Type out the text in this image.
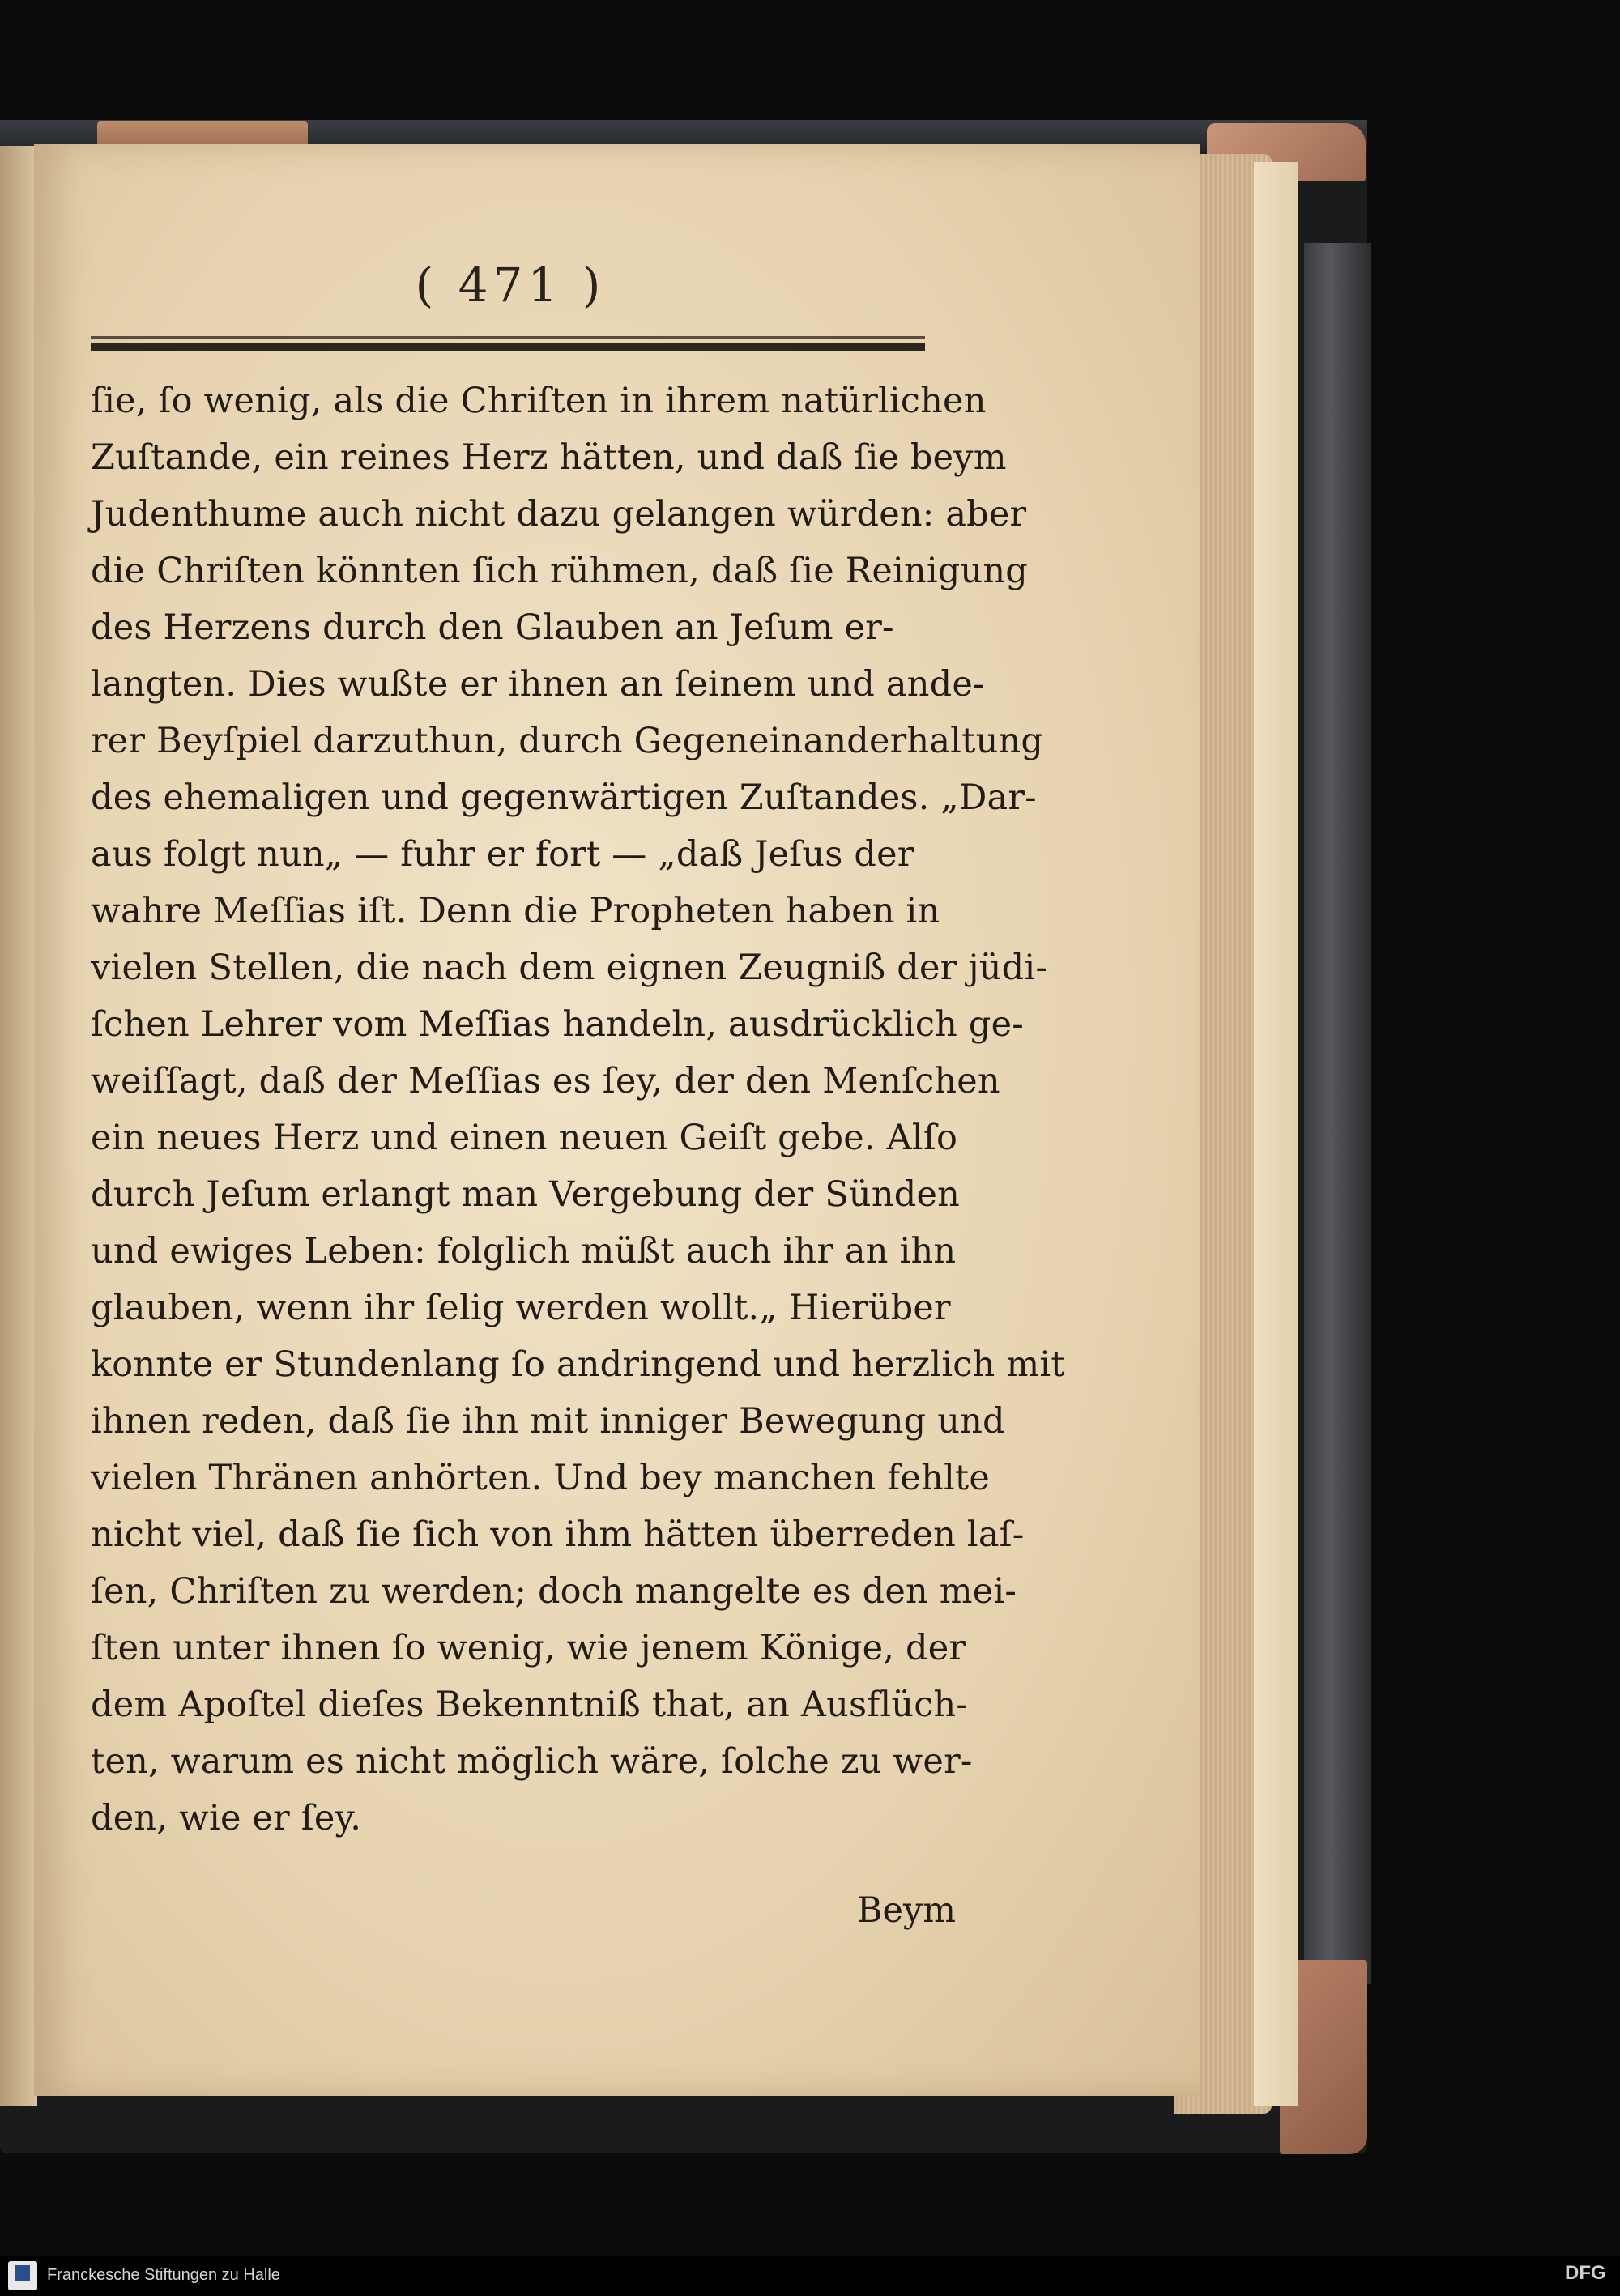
( 471 )
ſie, ſo wenig, als die Chriſten in ihrem natürlichen
Zuſtande, ein reines Herz hätten, und daß ſie beym
Judenthume auch nicht dazu gelangen würden: aber
die Chriſten könnten ſich rühmen, daß ſie Reinigung
des Herzens durch den Glauben an Jeſum er-
langten. Dies wußte er ihnen an ſeinem und ande-
rer Beyſpiel darzuthun, durch Gegeneinanderhaltung
des ehemaligen und gegenwärtigen Zuſtandes. „Dar-
aus folgt nun„ — fuhr er fort — „daß Jeſus der
wahre Meſſias iſt. Denn die Propheten haben in
vielen Stellen, die nach dem eignen Zeugniß der jüdi-
ſchen Lehrer vom Meſſias handeln, ausdrücklich ge-
weiſſagt, daß der Meſſias es ſey, der den Menſchen
ein neues Herz und einen neuen Geiſt gebe. Alſo
durch Jeſum erlangt man Vergebung der Sünden
und ewiges Leben: folglich müßt auch ihr an ihn
glauben, wenn ihr ſelig werden wollt.„ Hierüber
konnte er Stundenlang ſo andringend und herzlich mit
ihnen reden, daß ſie ihn mit inniger Bewegung und
vielen Thränen anhörten. Und bey manchen fehlte
nicht viel, daß ſie ſich von ihm hätten überreden laſ-
ſen, Chriſten zu werden; doch mangelte es den mei-
ſten unter ihnen ſo wenig, wie jenem Könige, der
dem Apoſtel dieſes Bekenntniß that, an Ausflüch-
ten, warum es nicht möglich wäre, ſolche zu wer-
den, wie er ſey.
Beym
Franckesche Stiftungen zu Halle	DFG
